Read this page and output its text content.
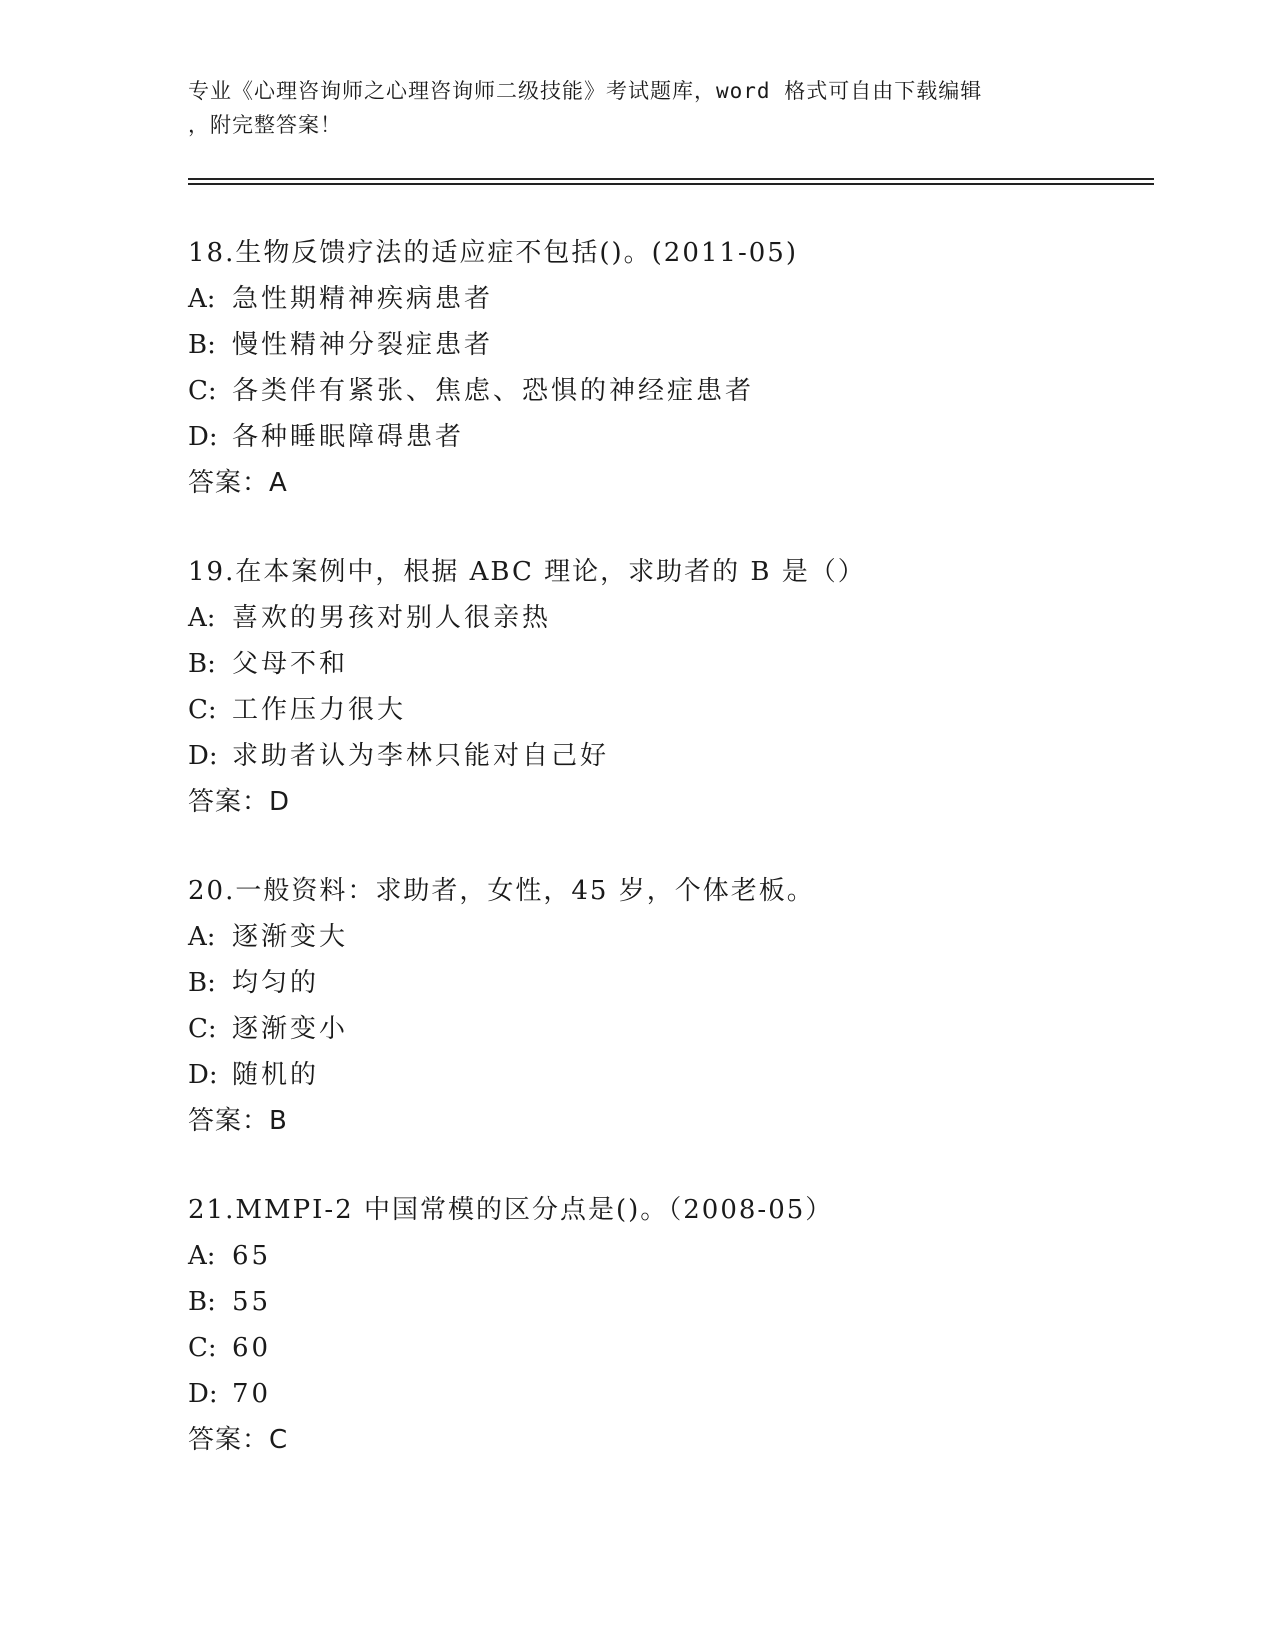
专业《心理咨询师之心理咨询师二级技能》考试题库，word 格式可自由下载编辑
，附完整答案！
18.生物反馈疗法的适应症不包括()。(2011-05)
A: 急性期精神疾病患者
B: 慢性精神分裂症患者
C: 各类伴有紧张、焦虑、恐惧的神经症患者
D: 各种睡眠障碍患者
答案：A
19.在本案例中，根据 ABC 理论，求助者的 B 是（）
A: 喜欢的男孩对别人很亲热
B: 父母不和
C: 工作压力很大
D: 求助者认为李林只能对自己好
答案：D
20.一般资料：求助者，女性，45 岁，个体老板。
A: 逐渐变大
B: 均匀的
C: 逐渐变小
D: 随机的
答案：B
21.MMPI-2 中国常模的区分点是()。（2008-05）
A: 65
B: 55
C: 60
D: 70
答案：C
